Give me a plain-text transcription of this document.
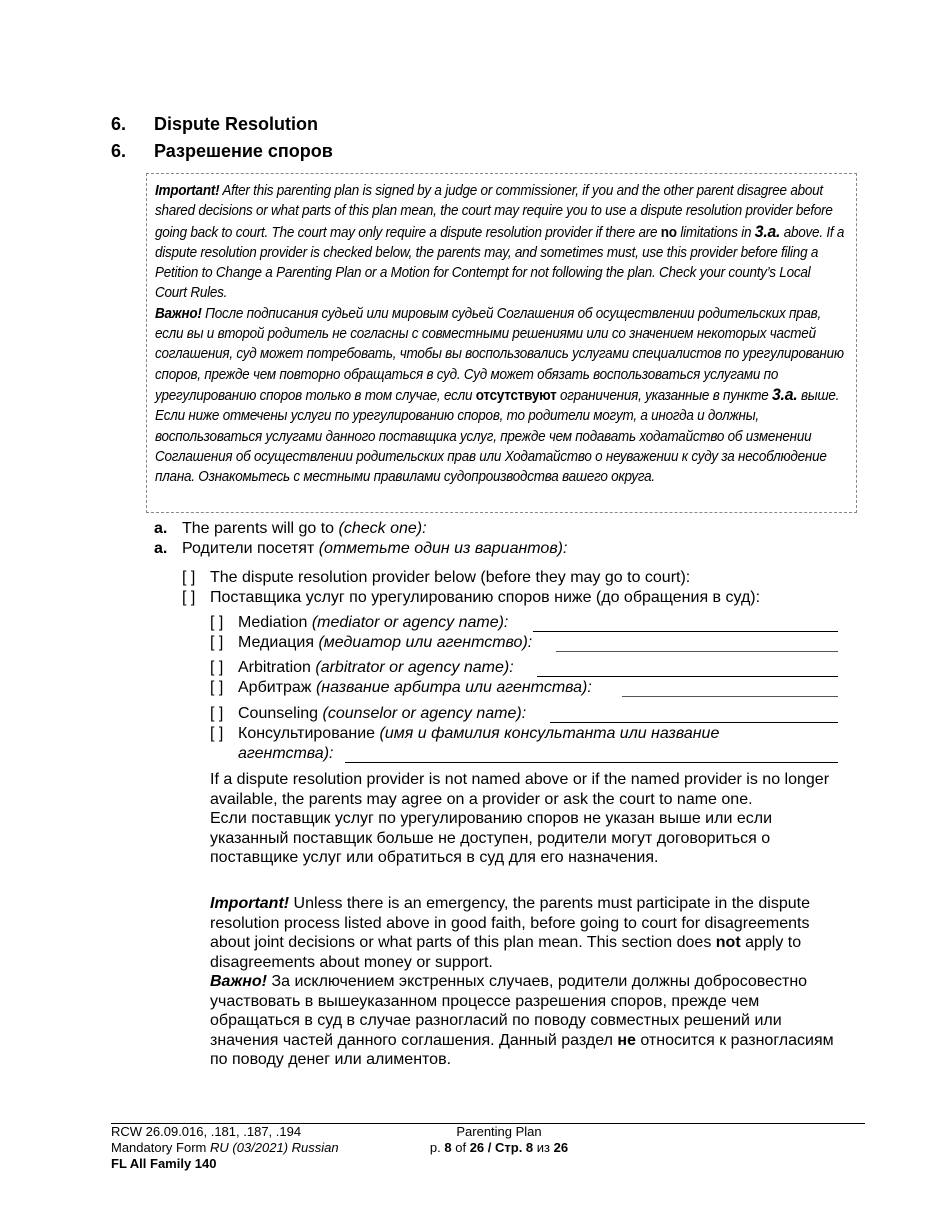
6.	Dispute Resolution
6.	Разрешение споров

Important! After this parenting plan is signed by a judge or commissioner, if you and the other parent disagree about shared decisions or what parts of this plan mean, the court may require you to use a dispute resolution provider before going back to court. The court may only require a dispute resolution provider if there are no limitations in 3.a. above. If a dispute resolution provider is checked below, the parents may, and sometimes must, use this provider before filing a Petition to Change a Parenting Plan or a Motion for Contempt for not following the plan. Check your county’s Local Court Rules.

Важно! После подписания судьей или мировым судьей Соглашения об осуществлении родительских прав, если вы и второй родитель не согласны с совместными решениями или со значением некоторых частей соглашения, суд может потребовать, чтобы вы воспользовались услугами специалистов по урегулированию споров, прежде чем повторно обращаться в суд. Суд может обязать воспользоваться услугами по урегулированию споров только в том случае, если отсутствуют ограничения, указанные в пункте 3.a. выше. Если ниже отмечены услуги по урегулированию споров, то родители могут, а иногда и должны, воспользоваться услугами данного поставщика услуг, прежде чем подавать ходатайство об изменении Соглашения об осуществлении родительских прав или Ходатайство о неуважении к суду за несоблюдение плана. Ознакомьтесь с местными правилами судопроизводства вашего округа.

a. The parents will go to (check one):
a. Родители посетят (отметьте один из вариантов):
[ ] The dispute resolution provider below (before they may go to court):
[ ] Поставщика услуг по урегулированию споров ниже (до обращения в суд):
[ ] Mediation (mediator or agency name):
[ ] Медиация (медиатор или агентство):
[ ] Arbitration (arbitrator or agency name):
[ ] Арбитраж (название арбитра или агентства):
[ ] Counseling (counselor or agency name):
[ ] Консультирование (имя и фамилия консультанта или название
агентства):

If a dispute resolution provider is not named above or if the named provider is no longer available, the parents may agree on a provider or ask the court to name one.

Если поставщик услуг по урегулированию споров не указан выше или если указанный поставщик больше не доступен, родители могут договориться о поставщике услуг или обратиться в суд для его назначения.

Important! Unless there is an emergency, the parents must participate in the dispute resolution process listed above in good faith, before going to court for disagreements about joint decisions or what parts of this plan mean. This section does not apply to disagreements about money or support.

Важно! За исключением экстренных случаев, родители должны добросовестно участвовать в вышеуказанном процессе разрешения споров, прежде чем обращаться в суд в случае разногласий по поводу совместных решений или значения частей данного соглашения. Данный раздел не относится к разногласиям по поводу денег или алиментов.

RCW 26.09.016, .181, .187, .194
Mandatory Form RU (03/2021) Russian
FL All Family 140
Parenting Plan
p. 8 of 26 / Стр. 8 из 26
